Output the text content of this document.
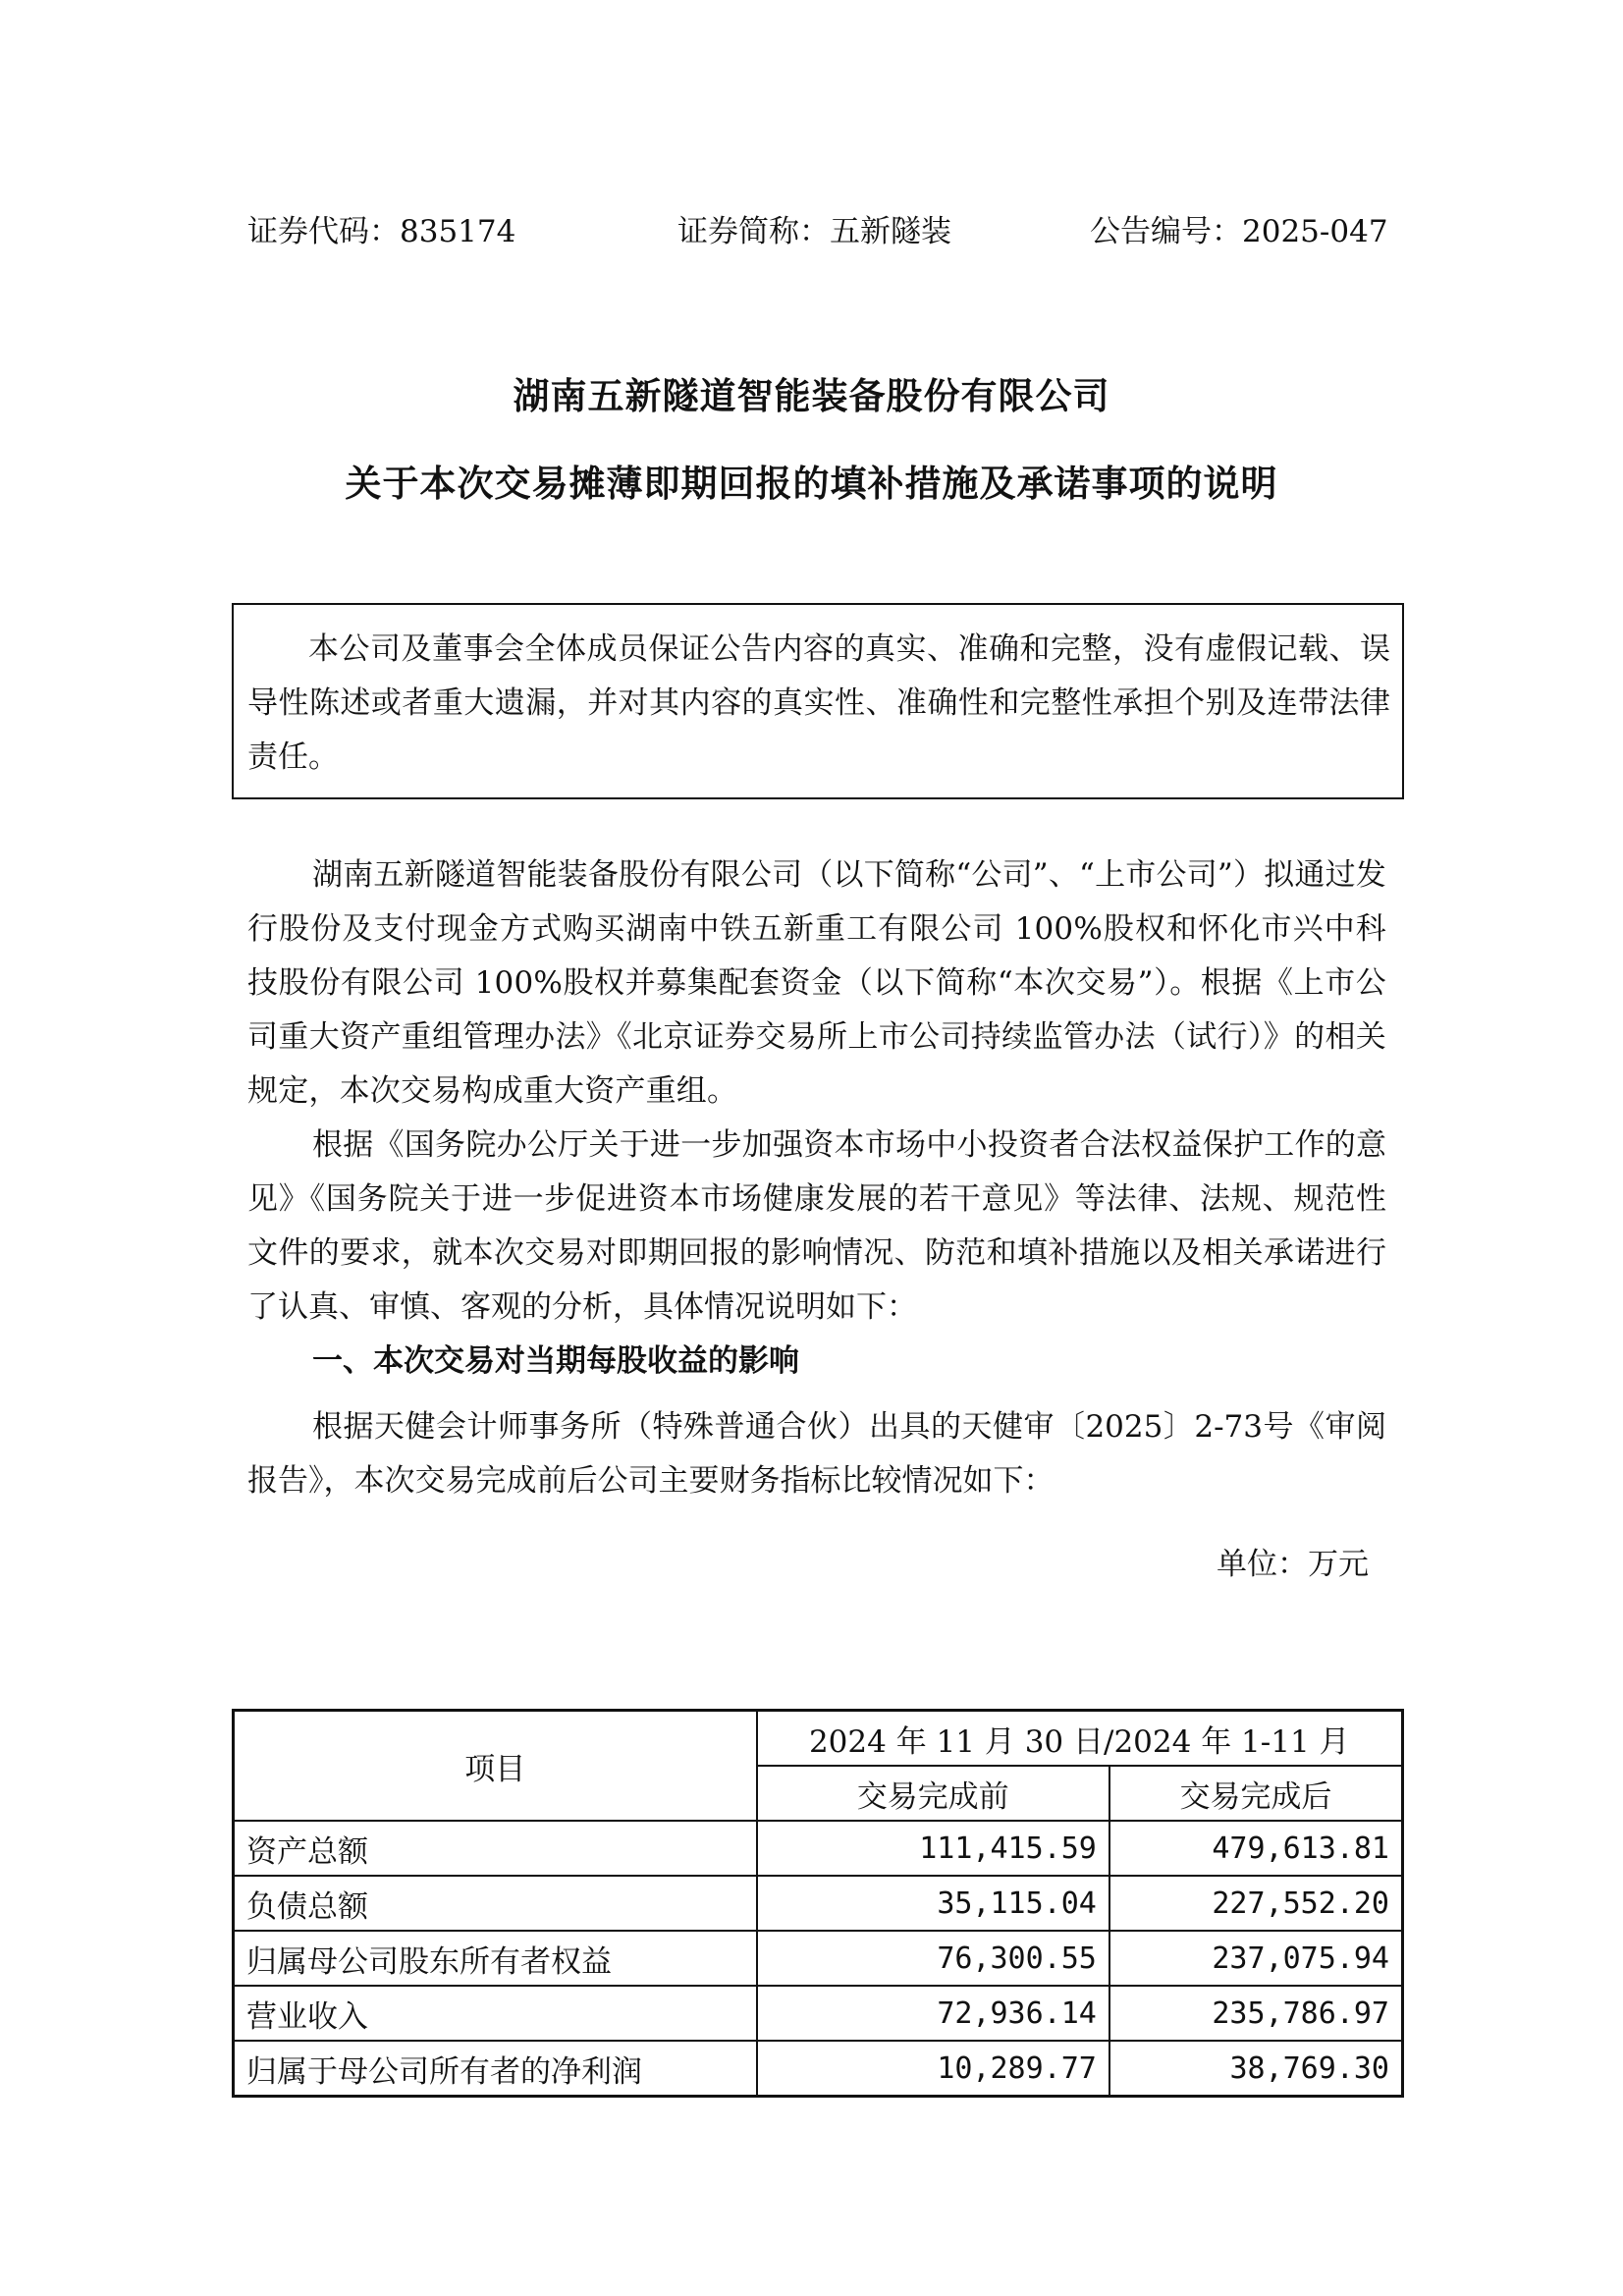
证券代码：835174	证券简称：五新隧装	公告编号：2025-047
湖南五新隧道智能装备股份有限公司
关于本次交易摊薄即期回报的填补措施及承诺事项的说明

本公司及董事会全体成员保证公告内容的真实、准确和完整，没有虚假记载、误导性陈述或者重大遗漏，并对其内容的真实性、准确性和完整性承担个别及连带法律责任。

湖南五新隧道智能装备股份有限公司（以下简称“公司”、“上市公司”）拟通过发行股份及支付现金方式购买湖南中铁五新重工有限公司 100%股权和怀化市兴中科技股份有限公司 100%股权并募集配套资金（以下简称“本次交易”）。根据《上市公司重大资产重组管理办法》《北京证券交易所上市公司持续监管办法（试行）》的相关规定，本次交易构成重大资产重组。

根据《国务院办公厅关于进一步加强资本市场中小投资者合法权益保护工作的意见》《国务院关于进一步促进资本市场健康发展的若干意见》等法律、法规、规范性文件的要求，就本次交易对即期回报的影响情况、防范和填补措施以及相关承诺进行了认真、审慎、客观的分析，具体情况说明如下：

一、本次交易对当期每股收益的影响

根据天健会计师事务所（特殊普通合伙）出具的天健审〔2025〕2-73号《审阅报告》，本次交易完成前后公司主要财务指标比较情况如下：

单位：万元
项目	2024 年 11 月 30 日/2024 年 1-11 月	
	交易完成前	交易完成后
资产总额	111,415.59	479,613.81
负债总额	35,115.04	227,552.20
归属母公司股东所有者权益	76,300.55	237,075.94
营业收入	72,936.14	235,786.97
归属于母公司所有者的净利润	10,289.77	38,769.30
